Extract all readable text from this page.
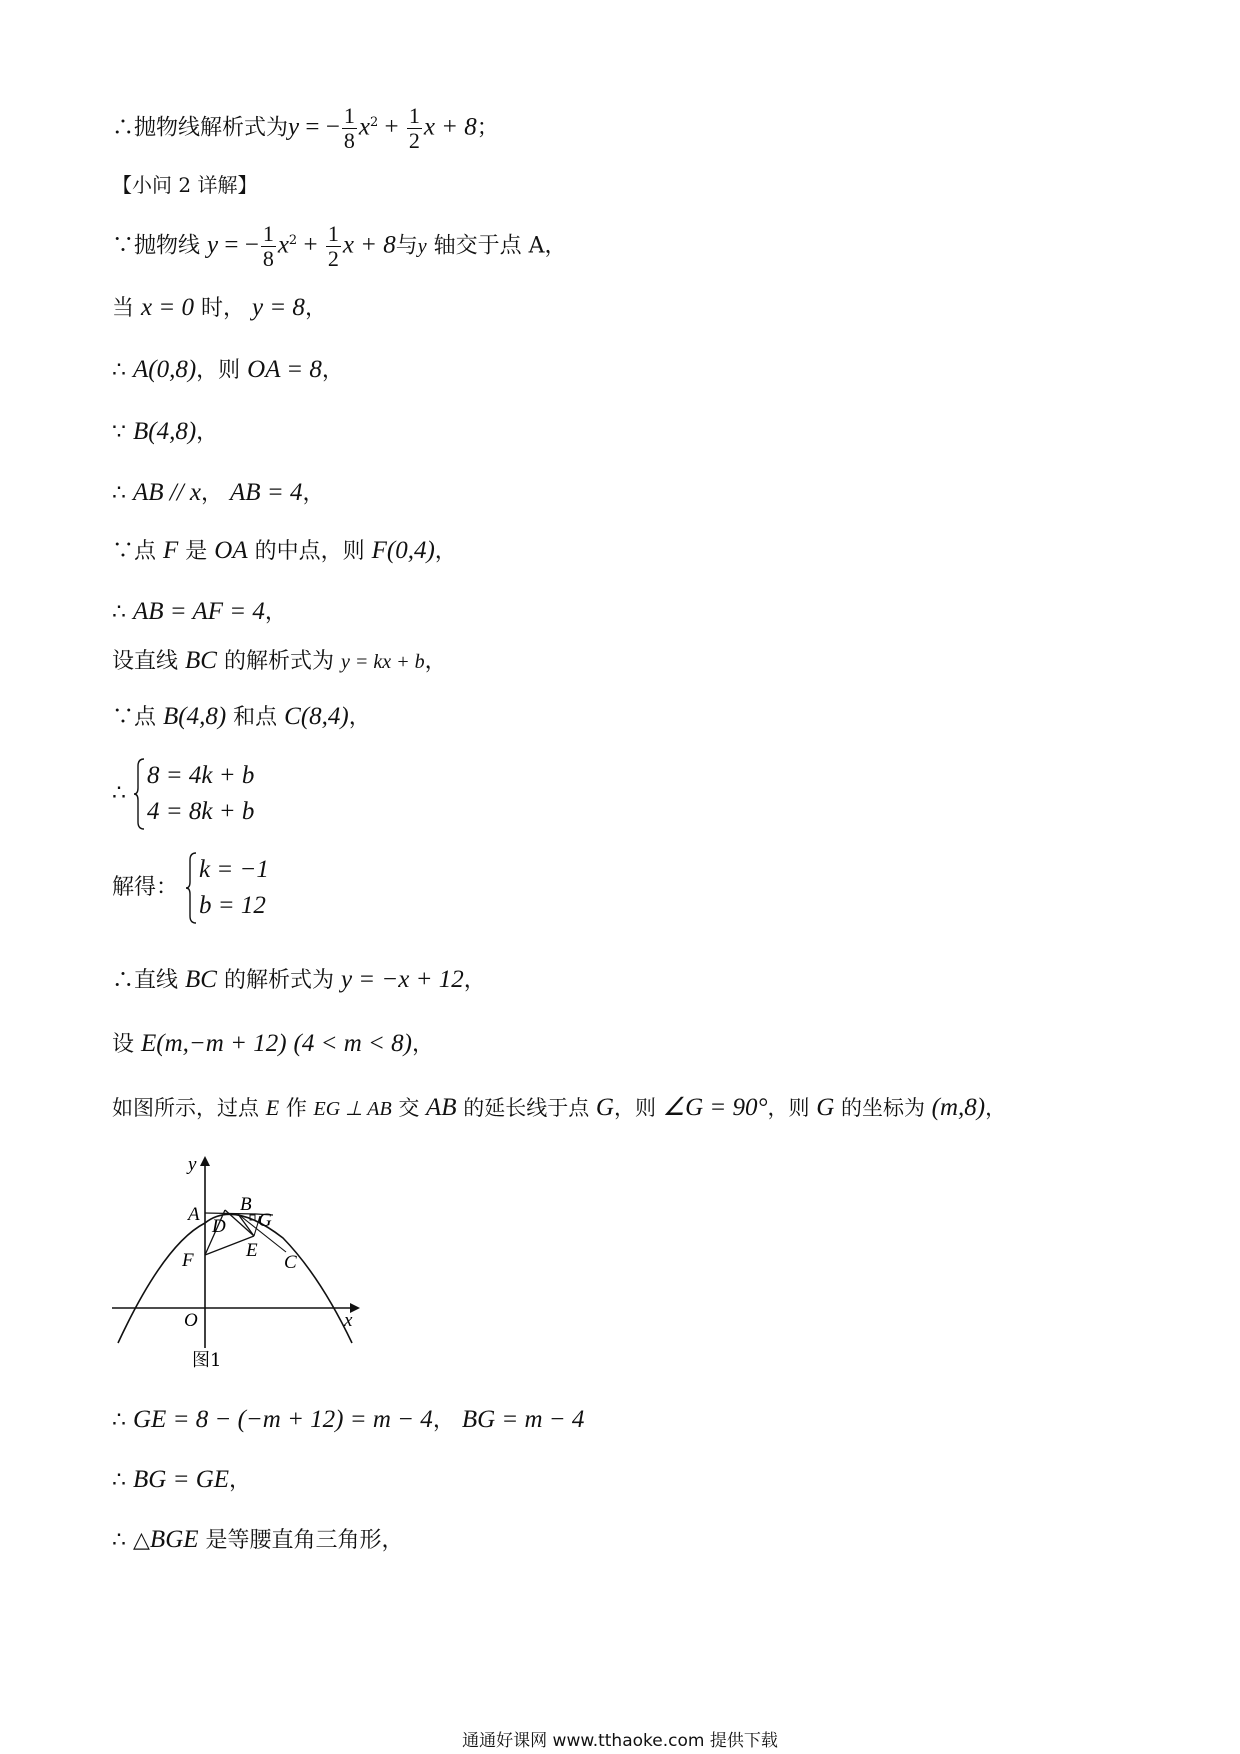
∴抛物线解析式为y = − $\frac{1}{8} x^2 + \frac{1}{2}$ x + 8；
【小问 2 详解】
∵抛物线 y = − $\frac{1}{8} x^2 + \frac{1}{2}$ x + 8与y 轴交于点 A，
当 x = 0 时， y = 8，
∴ A(0,8)，则 OA = 8，
∵ B(4,8)，
∴ AB // x， AB = 4，
∵点 F 是 OA 的中点，则 F(0,4)，
∴ AB = AF = 4，
设直线 BC 的解析式为 y = kx + b，
∵点 B(4,8) 和点 C(8,4)，
∴
8 = 4k + b
4 = 8k + b
解得：
k = −1
b = 12
∴直线 BC 的解析式为 y = −x + 12，
设 E(m,−m + 12) (4 < m < 8)，
如图所示，过点 E 作 EG ⊥ AB 交 AB 的延长线于点 G，则 ∠G = 90°，则 G 的坐标为 (m,8)，
y
A B
G
D
E
C
F
O	x
图1
∴ GE = 8 − (−m + 12) = m − 4， BG = m − 4
∴ BG = GE，
∴ △BGE 是等腰直角三角形，
通通好课网 www.tthaoke.com 提供下载
